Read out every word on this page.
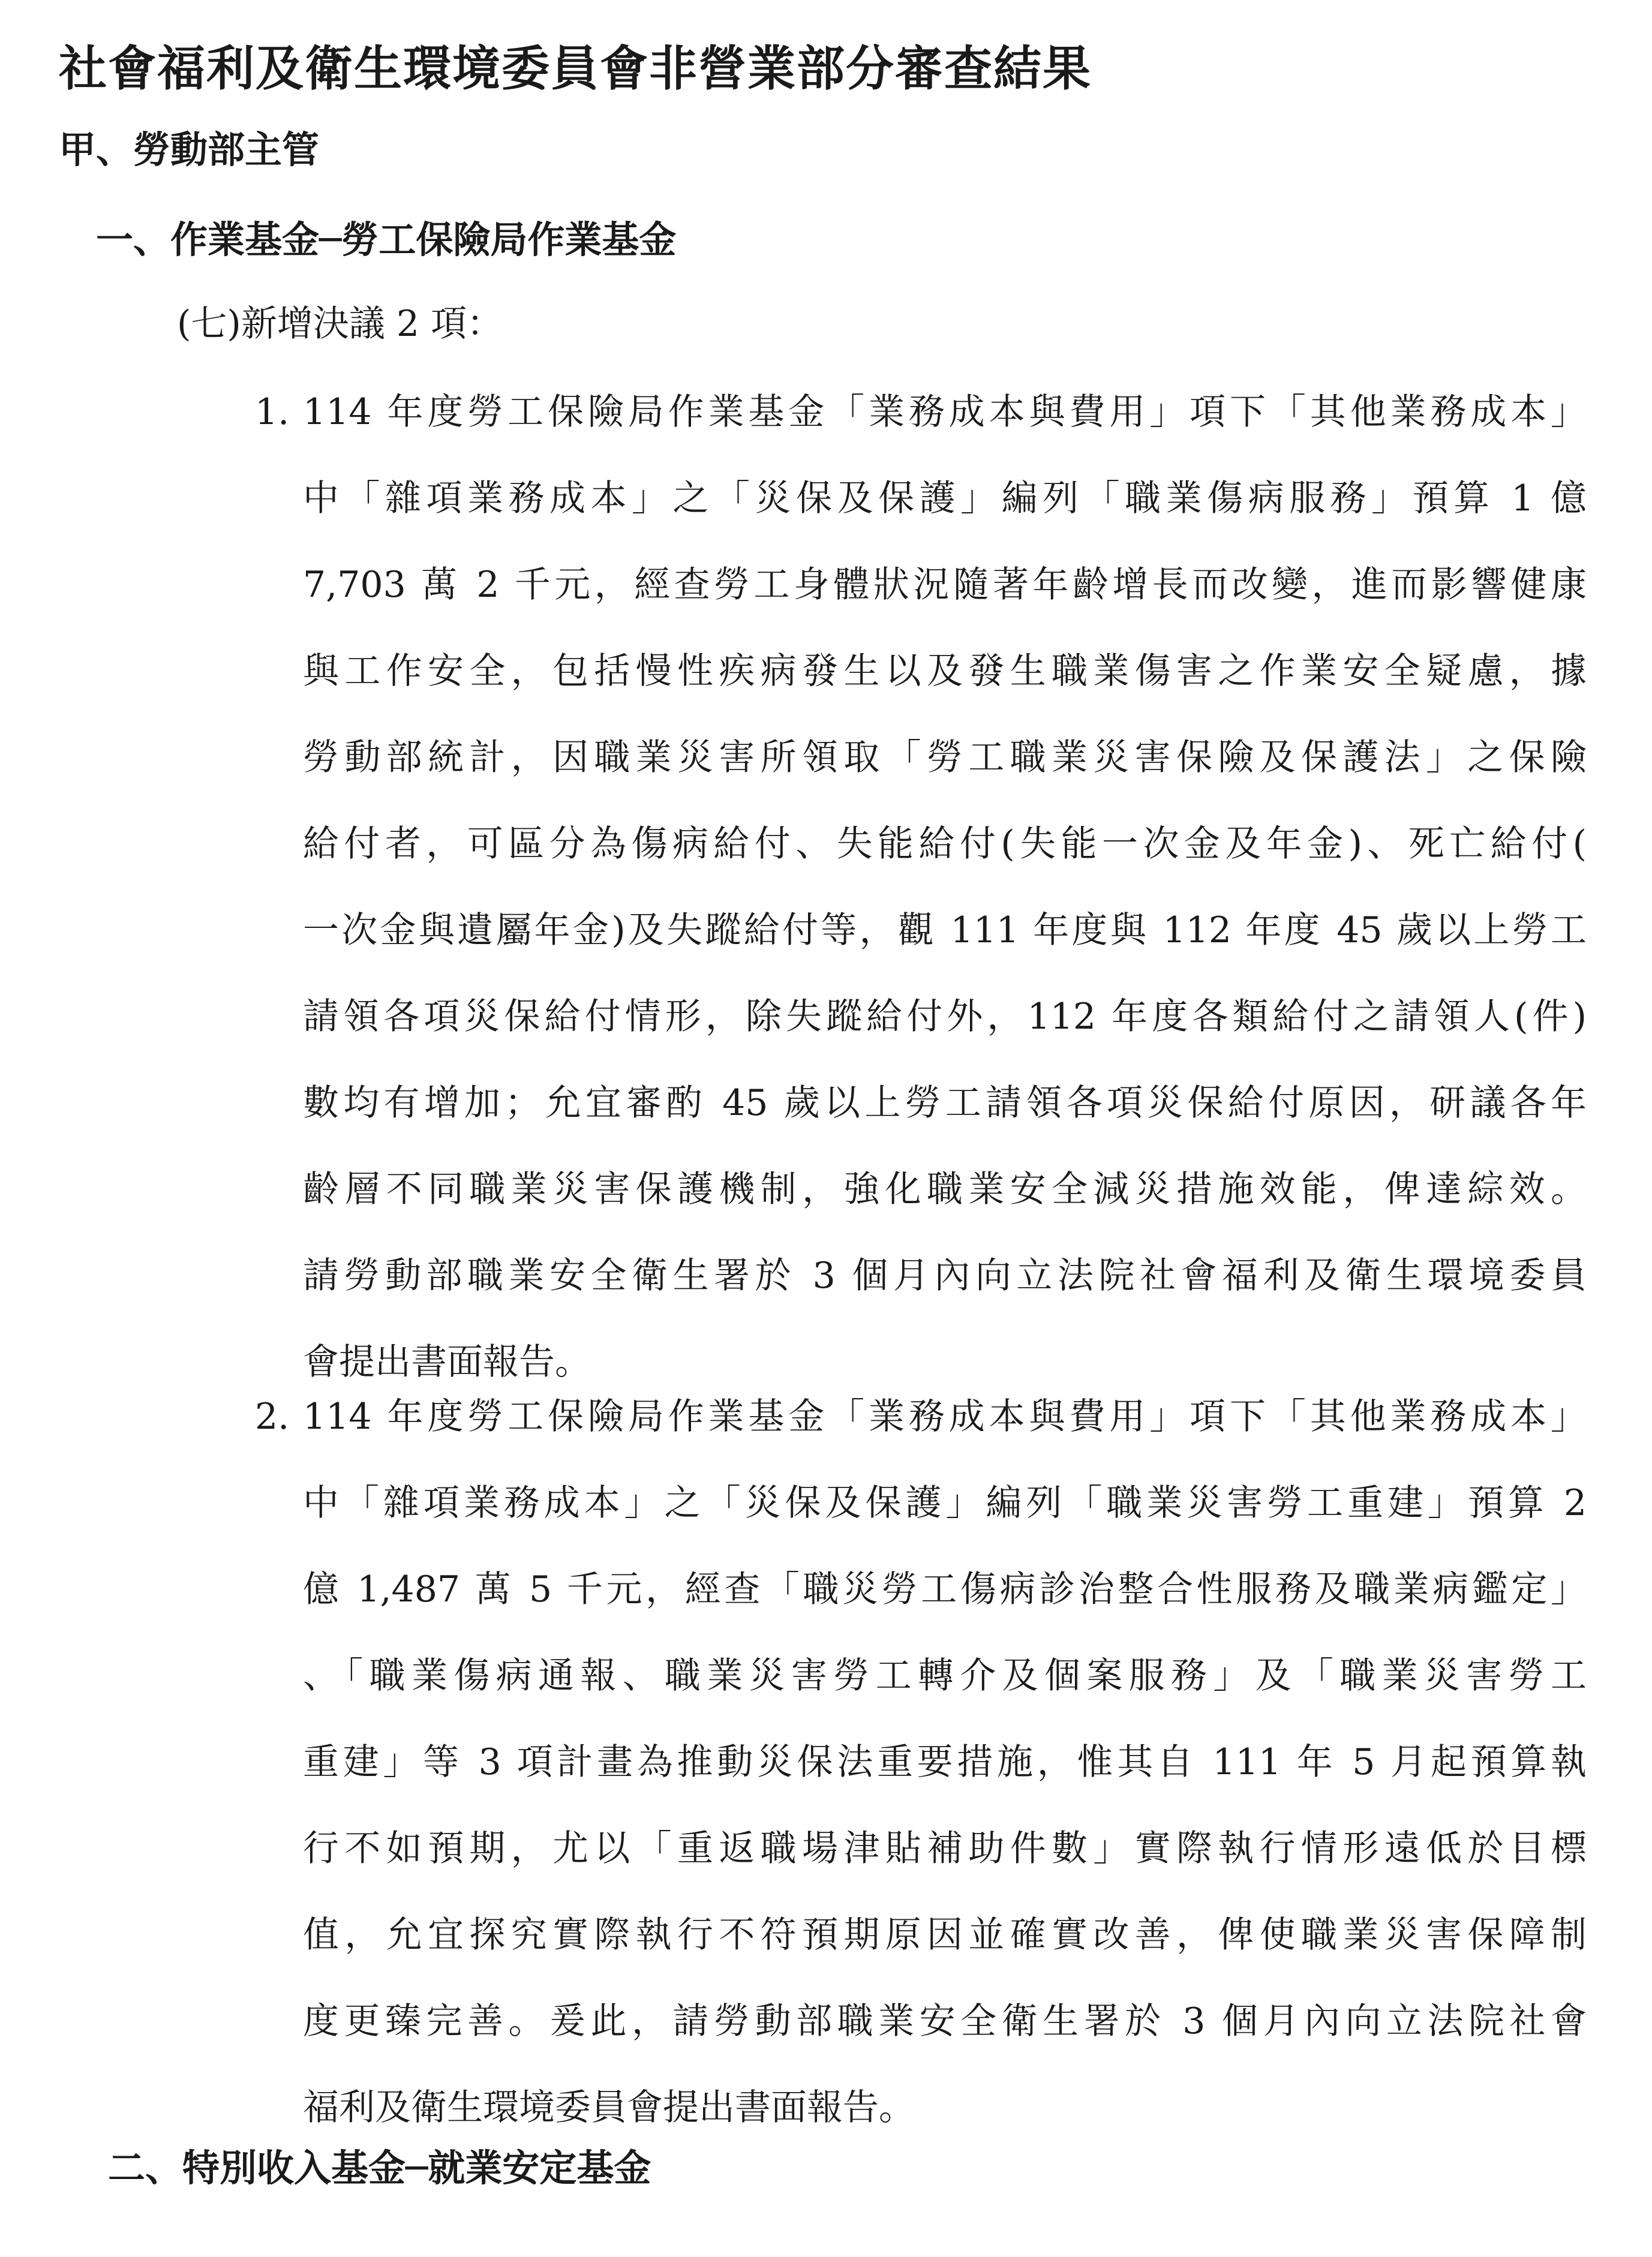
社會福利及衛生環境委員會非營業部分審查結果
甲、勞動部主管
一、作業基金─勞工保險局作業基金
(七)新增決議 2 項：
1. 114 年度勞工保險局作業基金「業務成本與費用」項下「其他業務成本」
中「雜項業務成本」之「災保及保護」編列「職業傷病服務」預算 1 億
7,703 萬 2 千元，經查勞工身體狀況隨著年齡增長而改變，進而影響健康
與工作安全，包括慢性疾病發生以及發生職業傷害之作業安全疑慮，據
勞動部統計，因職業災害所領取「勞工職業災害保險及保護法」之保險
給付者，可區分為傷病給付、失能給付(失能一次金及年金)、死亡給付(
一次金與遺屬年金)及失蹤給付等，觀 111 年度與 112 年度 45 歲以上勞工
請領各項災保給付情形，除失蹤給付外，112 年度各類給付之請領人(件)
數均有增加；允宜審酌 45 歲以上勞工請領各項災保給付原因，研議各年
齡層不同職業災害保護機制，強化職業安全減災措施效能，俾達綜效。
請勞動部職業安全衛生署於 3 個月內向立法院社會福利及衛生環境委員
會提出書面報告。
2. 114 年度勞工保險局作業基金「業務成本與費用」項下「其他業務成本」
中「雜項業務成本」之「災保及保護」編列「職業災害勞工重建」預算 2
億 1,487 萬 5 千元，經查「職災勞工傷病診治整合性服務及職業病鑑定」
、「職業傷病通報、職業災害勞工轉介及個案服務」及「職業災害勞工
重建」等 3 項計畫為推動災保法重要措施，惟其自 111 年 5 月起預算執
行不如預期，尤以「重返職場津貼補助件數」實際執行情形遠低於目標
值，允宜探究實際執行不符預期原因並確實改善，俾使職業災害保障制
度更臻完善。爰此，請勞動部職業安全衛生署於 3 個月內向立法院社會
福利及衛生環境委員會提出書面報告。
二、特別收入基金─就業安定基金
